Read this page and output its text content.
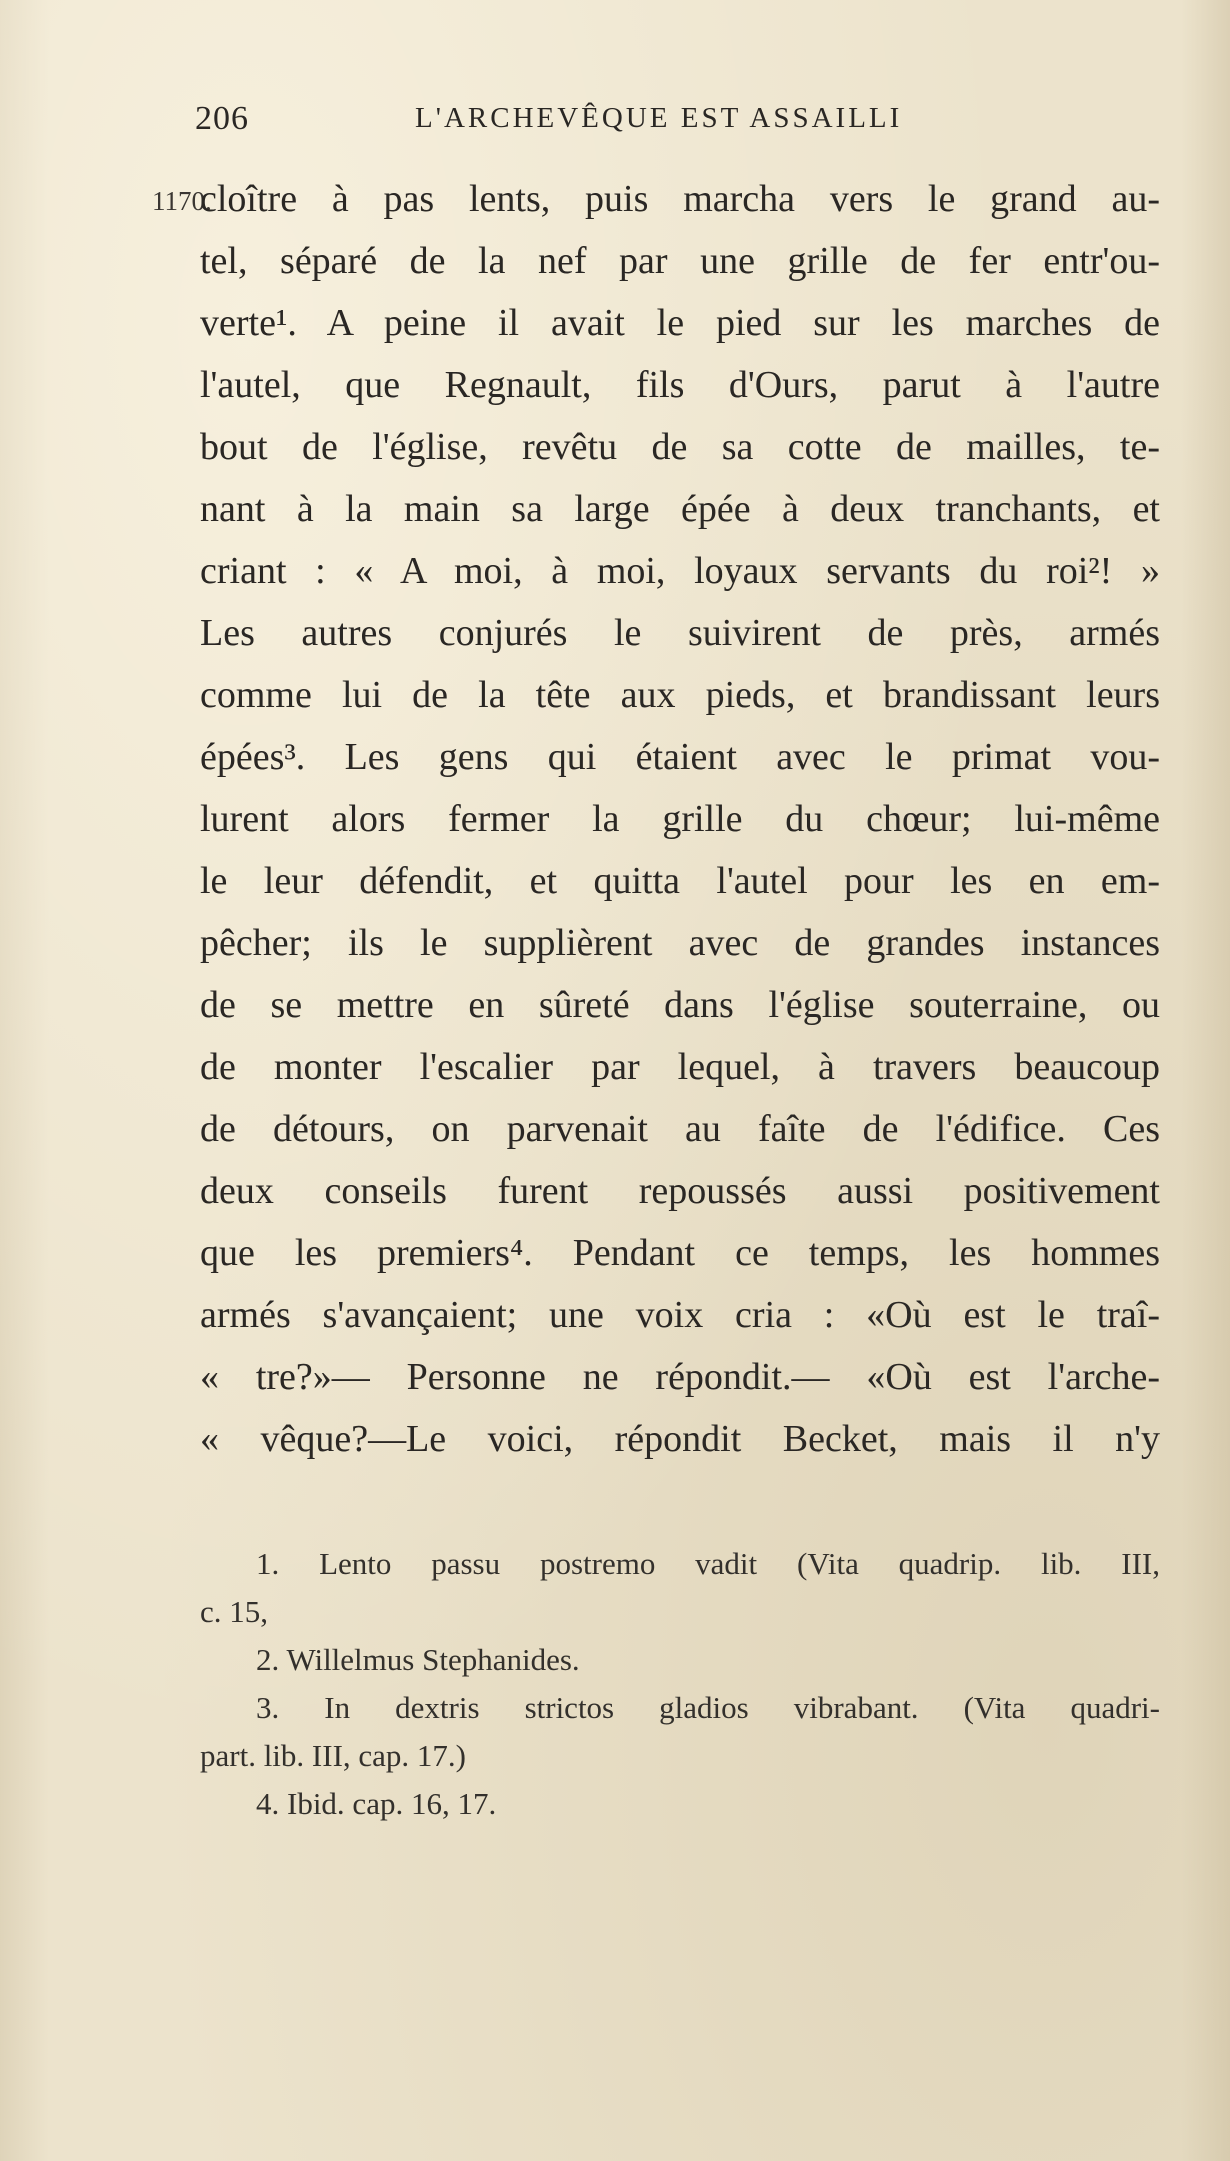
206	L'ARCHEVÊQUE EST ASSAILLI
1170.
cloître à pas lents, puis marcha vers le grand au-
tel, séparé de la nef par une grille de fer entr'ou-
verte¹. A peine il avait le pied sur les marches de
l'autel, que Regnault, fils d'Ours, parut à l'autre
bout de l'église, revêtu de sa cotte de mailles, te-
nant à la main sa large épée à deux tranchants, et
criant : « A moi, à moi, loyaux servants du roi²! »
Les autres conjurés le suivirent de près, armés
comme lui de la tête aux pieds, et brandissant leurs
épées³. Les gens qui étaient avec le primat vou-
lurent alors fermer la grille du chœur; lui-même
le leur défendit, et quitta l'autel pour les en em-
pêcher; ils le supplièrent avec de grandes instances
de se mettre en sûreté dans l'église souterraine, ou
de monter l'escalier par lequel, à travers beaucoup
de détours, on parvenait au faîte de l'édifice. Ces
deux conseils furent repoussés aussi positivement
que les premiers⁴. Pendant ce temps, les hommes
armés s'avançaient; une voix cria : «Où est le traî-
« tre?»— Personne ne répondit.— «Où est l'arche-
« vêque?—Le voici, répondit Becket, mais il n'y
1. Lento passu postremo vadit (Vita quadrip. lib. III,
c. 15,
2. Willelmus Stephanides.
3. In dextris strictos gladios vibrabant. (Vita quadri-
part. lib. III, cap. 17.)
4. Ibid. cap. 16, 17.
